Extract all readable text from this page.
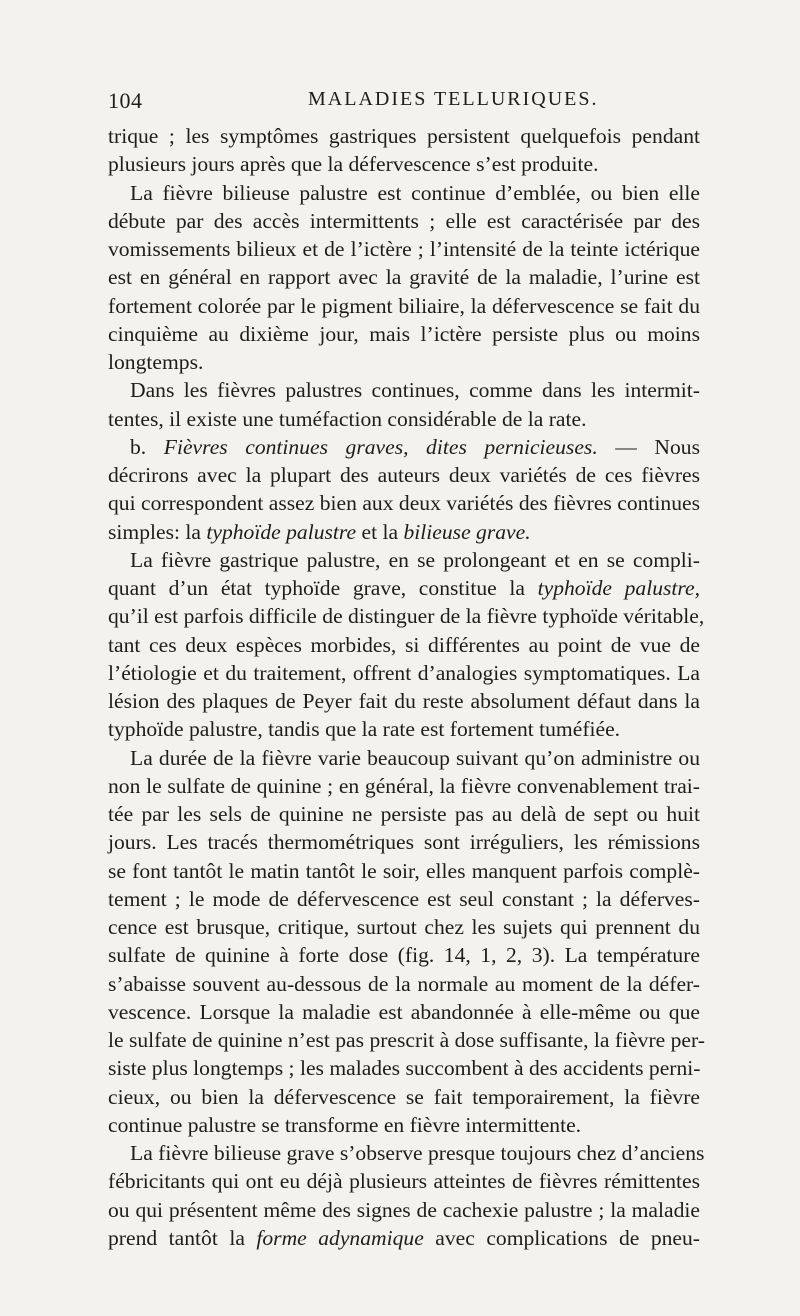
104	MALADIES TELLURIQUES.
trique ; les symptômes gastriques persistent quelquefois pendant
plusieurs jours après que la défervescence s’est produite.
La fièvre bilieuse palustre est continue d’emblée, ou bien elle
débute par des accès intermittents ; elle est caractérisée par des
vomissements bilieux et de l’ictère ; l’intensité de la teinte ictérique
est en général en rapport avec la gravité de la maladie, l’urine est
fortement colorée par le pigment biliaire, la défervescence se fait du
cinquième au dixième jour, mais l’ictère persiste plus ou moins
longtemps.
Dans les fièvres palustres continues, comme dans les intermit-
tentes, il existe une tuméfaction considérable de la rate.
b. Fièvres continues graves, dites pernicieuses. — Nous
décrirons avec la plupart des auteurs deux variétés de ces fièvres
qui correspondent assez bien aux deux variétés des fièvres continues
simples: la typhoïde palustre et la bilieuse grave.
La fièvre gastrique palustre, en se prolongeant et en se compli-
quant d’un état typhoïde grave, constitue la typhoïde palustre,
qu’il est parfois difficile de distinguer de la fièvre typhoïde véritable,
tant ces deux espèces morbides, si différentes au point de vue de
l’étiologie et du traitement, offrent d’analogies symptomatiques. La
lésion des plaques de Peyer fait du reste absolument défaut dans la
typhoïde palustre, tandis que la rate est fortement tuméfiée.
La durée de la fièvre varie beaucoup suivant qu’on administre ou
non le sulfate de quinine ; en général, la fièvre convenablement trai-
tée par les sels de quinine ne persiste pas au delà de sept ou huit
jours. Les tracés thermométriques sont irréguliers, les rémissions
se font tantôt le matin tantôt le soir, elles manquent parfois complè-
tement ; le mode de défervescence est seul constant ; la déferves-
cence est brusque, critique, surtout chez les sujets qui prennent du
sulfate de quinine à forte dose (fig. 14, 1, 2, 3). La température
s’abaisse souvent au-dessous de la normale au moment de la défer-
vescence. Lorsque la maladie est abandonnée à elle-même ou que
le sulfate de quinine n’est pas prescrit à dose suffisante, la fièvre per-
siste plus longtemps ; les malades succombent à des accidents perni-
cieux, ou bien la défervescence se fait temporairement, la fièvre
continue palustre se transforme en fièvre intermittente.
La fièvre bilieuse grave s’observe presque toujours chez d’anciens
fébricitants qui ont eu déjà plusieurs atteintes de fièvres rémittentes
ou qui présentent même des signes de cachexie palustre ; la maladie
prend tantôt la forme adynamique avec complications de pneu-
